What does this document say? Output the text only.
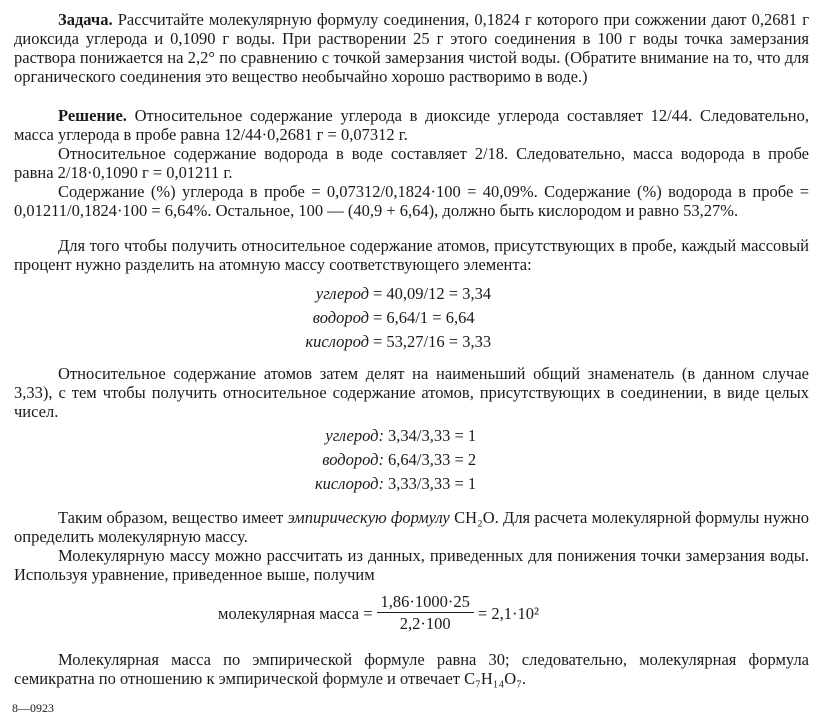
Задача. Рассчитайте молекулярную формулу соединения, 0,1824 г которого при сожжении дают 0,2681 г диоксида углерода и 0,1090 г воды. При растворении 25 г этого соединения в 100 г воды точка замерзания раствора понижается на 2,2° по сравнению с точкой замерзания чистой воды. (Обратите внимание на то, что для органического соединения это вещество необычайно хорошо растворимо в воде.)

Решение. Относительное содержание углерода в диоксиде углерода составляет 12/44. Следовательно, масса углерода в пробе равна 12/44·0,2681 г = 0,07312 г.

Относительное содержание водорода в воде составляет 2/18. Следовательно, масса водорода в пробе равна 2/18·0,1090 г = 0,01211 г.

Содержание (%) углерода в пробе = 0,07312/0,1824·100 = 40,09%. Содержание (%) водорода в пробе = 0,01211/0,1824·100 = 6,64%. Остальное, 100 — (40,9 + 6,64), должно быть кислородом и равно 53,27%.

Для того чтобы получить относительное содержание атомов, присутствующих в пробе, каждый массовый процент нужно разделить на атомную массу соответствующего элемента:

углерод = 40,09/12 = 3,34
водород = 6,64/1 = 6,64
кислород = 53,27/16 = 3,33

Относительное содержание атомов затем делят на наименьший общий знаменатель (в данном случае 3,33), с тем чтобы получить относительное содержание атомов, присутствующих в соединении, в виде целых чисел.

углерод: 3,34/3,33 = 1
водород: 6,64/3,33 = 2
кислород: 3,33/3,33 = 1

Таким образом, вещество имеет эмпирическую формулу CH₂O. Для расчета молекулярной формулы нужно определить молекулярную массу.

Молекулярную массу можно рассчитать из данных, приведенных для понижения точки замерзания воды. Используя уравнение, приведенное выше, получим

молекулярная масса = $\frac{1,86\cdot 1000\cdot 25}{2,2\cdot 100} = 2,1\cdot 10^2$

Молекулярная масса по эмпирической формуле равна 30; следовательно, молекулярная формула семикратна по отношению к эмпирической формуле и отвечает C₇H₁₄O₇.

8—0923
